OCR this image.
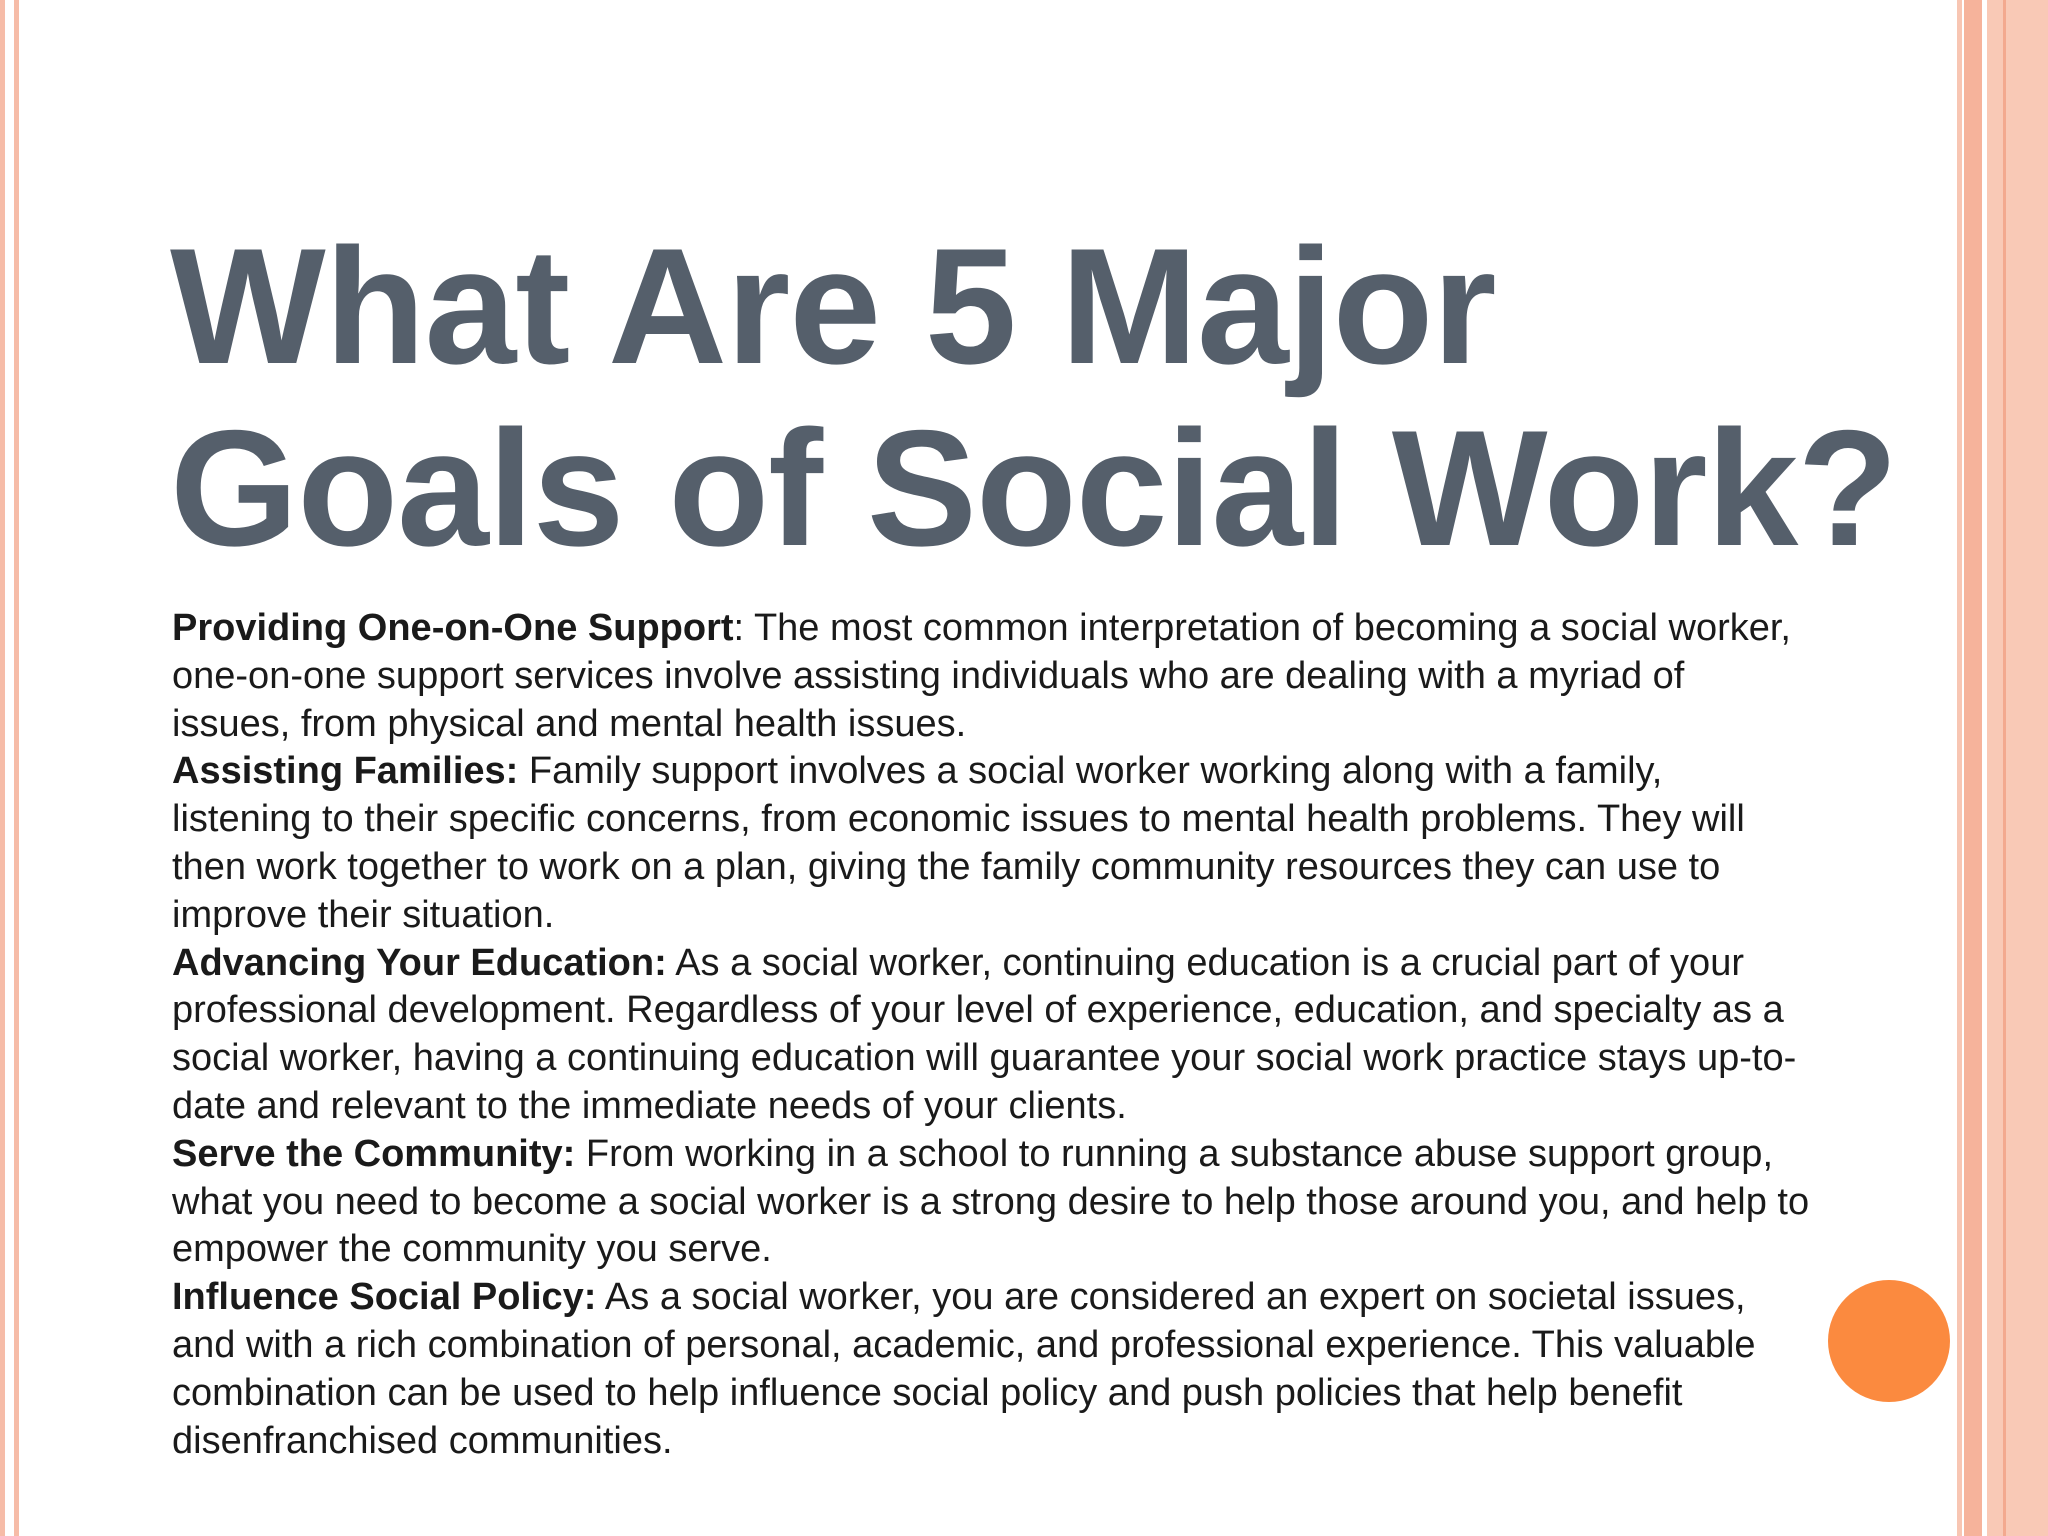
What Are 5 Major Goals of Social Work?

Providing One-on-One Support: The most common interpretation of becoming a social worker, one-on-one support services involve assisting individuals who are dealing with a myriad of issues, from physical and mental health issues.

Assisting Families: Family support involves a social worker working along with a family, listening to their specific concerns, from economic issues to mental health problems. They will then work together to work on a plan, giving the family community resources they can use to improve their situation.

Advancing Your Education: As a social worker, continuing education is a crucial part of your professional development. Regardless of your level of experience, education, and specialty as a social worker, having a continuing education will guarantee your social work practice stays up-to-date and relevant to the immediate needs of your clients.

Serve the Community: From working in a school to running a substance abuse support group, what you need to become a social worker is a strong desire to help those around you, and help to empower the community you serve.

Influence Social Policy: As a social worker, you are considered an expert on societal issues, and with a rich combination of personal, academic, and professional experience. This valuable combination can be used to help influence social policy and push policies that help benefit disenfranchised communities.
